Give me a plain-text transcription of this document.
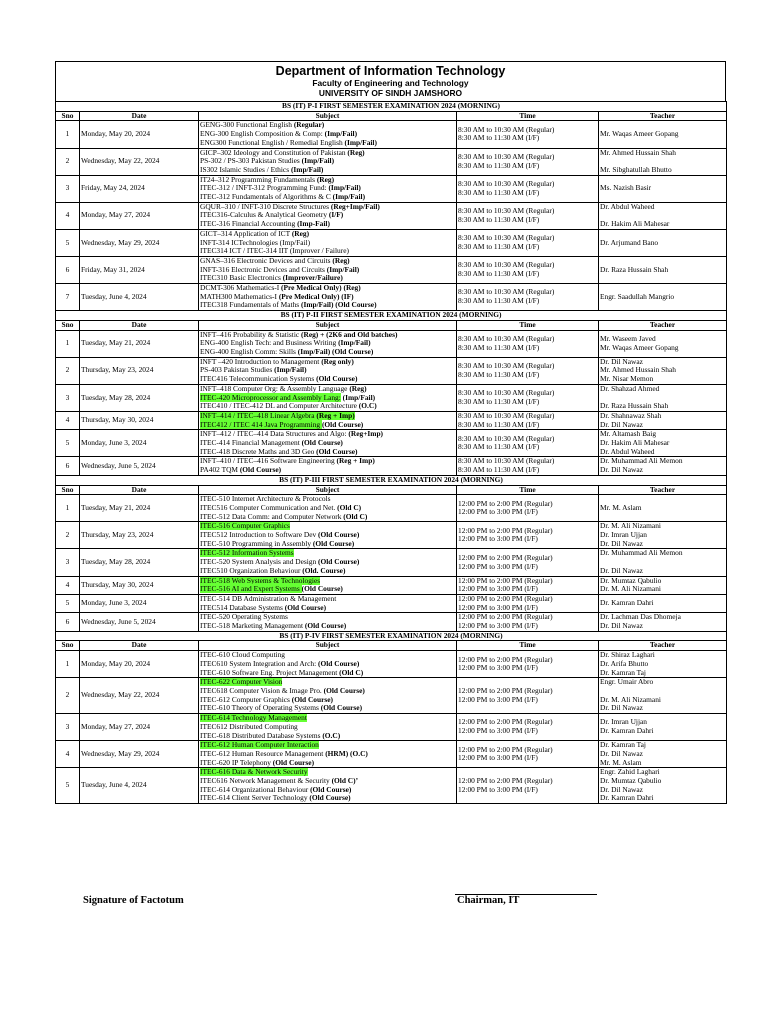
Department of Information Technology
Faculty of Engineering and Technology
UNIVERSITY OF SINDH JAMSHORO
BS (IT) P-I FIRST SEMESTER EXAMINATION 2024 (MORNING)				
Sno	Date	Subject	Time	Teacher
1	Monday, May 20, 2024	GENG-300 Functional English (Regular)
ENG-300 English Composition & Comp: (Imp/Fail)
ENG300 Functional English / Remedial English (Imp/Fail)	8:30 AM to 10:30 AM (Regular)
8:30 AM to 11:30 AM (I/F)	Mr. Waqas Ameer Gopang

2	Wednesday, May 22, 2024	GICP–302 Ideology and Constitution of Pakistan (Reg)
PS-302 / PS-303 Pakistan Studies (Imp/Fail)
IS302 Islamic Studies / Ethics (Imp/Fail)	8:30 AM to 10:30 AM (Regular)
8:30 AM to 11:30 AM (I/F)	Mr. Ahmed Hussain Shah
Mr. Sibghatullah Bhutto

3	Friday, May 24, 2024	IT24–312 Programming Fundamentals (Reg)
ITEC-312 / INFT-312 Programming Fund: (Imp/Fail)
ITEC-312 Fundamentals of Algorithms & C (Imp/Fail)	8:30 AM to 10:30 AM (Regular)
8:30 AM to 11:30 AM (I/F)	Ms. Nazish Basir

4	Monday, May 27, 2024	GQUR–310 / INFT-310 Discrete Structures (Reg+Imp/Fail)
ITEC316-Calculus & Analytical Geometry (I/F)
ITEC-316 Financial Accounting (Imp-Fail)	8:30 AM to 10:30 AM (Regular)
8:30 AM to 11:30 AM (I/F)	Dr. Abdul Waheed
Dr. Hakim Ali Mahesar

5	Wednesday, May 29, 2024	GICT–314 Application of ICT (Reg)
INFT-314 ICTechnologies (Imp/Fail)
ITEC314 ICT / ITEC-314 IIT (Improver / Failure)	8:30 AM to 10:30 AM (Regular)
8:30 AM to 11:30 AM (I/F)	Dr. Arjumand Bano

6	Friday, May 31, 2024	GNAS–316 Electronic Devices and Circuits (Reg)
INFT-316 Electronic Devices and Circuits (Imp/Fail)
ITEC310 Basic Electronics (Improver/Failure)	8:30 AM to 10:30 AM (Regular)
8:30 AM to 11:30 AM (I/F)	Dr. Raza Hussain Shah

7	Tuesday, June 4, 2024	DCMT-306 Mathematics-I (Pre Medical Only) (Reg)
MATH300 Mathematics-I (Pre Medical Only) (IF)
ITEC318 Fundamentals of Maths (Imp/Fail) (Old Course)	8:30 AM to 10:30 AM (Regular)
8:30 AM to 11:30 AM (I/F)	Engr. Saadullah Mangrio

BS (IT) P-II FIRST SEMESTER EXAMINATION 2024 (MORNING)				
Sno	Date	Subject	Time	Teacher
1	Tuesday, May 21, 2024	INFT–416 Probability & Statistic (Reg) + (2K6 and Old batches)
ENG-400 English Tech: and Business Writing (Imp/Fail)
ENG-400 English Comm: Skills (Imp/Fail) (Old Course)	8:30 AM to 10:30 AM (Regular)
8:30 AM to 11:30 AM (I/F)	Mr. Waseem Javed
Mr. Waqas Ameer Gopang

2	Thursday, May 23, 2024	INFT –420 Introduction to Management (Reg only)
PS-403 Pakistan Studies (Imp/Fail)
ITEC416 Telecommunication Systems (Old Course)	8:30 AM to 10:30 AM (Regular)
8:30 AM to 11:30 AM (I/F)	Dr. Dil Nawaz
Mr. Ahmed Hussain Shah
Mr. Nisar Memon

3	Tuesday, May 28, 2024	INFT–418 Computer Org: & Assembly Language (Reg)
ITEC-420 Microprocessor and Assembly Lang: (Imp/Fail)
ITEC410 / ITEC-412 DL and Computer Architecture (O.C)	8:30 AM to 10:30 AM (Regular)
8:30 AM to 11:30 AM (I/F)	Dr. Shahzad Ahmed
Dr. Raza Hussain Shah

4	Thursday, May 30, 2024	INFT–414 / ITEC–418 Linear Algebra (Reg + Imp)
ITEC412 / ITEC 414 Java Programming (Old Course)	8:30 AM to 10:30 AM (Regular)
8:30 AM to 11:30 AM (I/F)	Dr. Shahnawaz Shah
Dr. Dil Nawaz

5	Monday, June 3, 2024	INFT–412 / ITEC–414 Data Structures and Algo: (Reg+Imp)
ITEC-414 Financial Management (Old Course)
ITEC-418 Discrete Maths and 3D Geo (Old Course)	8:30 AM to 10:30 AM (Regular)
8:30 AM to 11:30 AM (I/F)	Mr. Altamash Baig
Dr. Hakim Ali Mahesar
Dr. Abdul Waheed

6	Wednesday, June 5, 2024	INFT–410 / ITEC–416 Software Engineering (Reg + Imp)
PA402 TQM (Old Course)	8:30 AM to 10:30 AM (Regular)
8:30 AM to 11:30 AM (I/F)	Dr. Muhammad Ali Memon
Dr. Dil Nawaz

BS (IT) P-III FIRST SEMESTER EXAMINATION 2024 (MORNING)				
Sno	Date	Subject	Time	Teacher
1	Tuesday, May 21, 2024	ITEC-510 Internet Architecture & Protocols
ITEC516 Computer Communication and Net. (Old C)
ITEC-512 Data Comm: and Computer Network (Old C)	12:00 PM to 2:00 PM (Regular)
12:00 PM to 3:00 PM (I/F)	Mr. M. Aslam

2	Thursday, May 23, 2024	ITEC-516 Computer Graphics
ITEC512 Introduction to Software Dev (Old Course)
ITEC-510 Programming in Assembly (Old Course)	12:00 PM to 2:00 PM (Regular)
12:00 PM to 3:00 PM (I/F)	Dr. M. Ali Nizamani
Dr. Imran Ujjan
Dr. Dil Nawaz

3	Tuesday, May 28, 2024	ITEC-512 Information Systems
ITEC-520 System Analysis and Design (Old Course)
ITEC510 Organization Behaviour (Old. Course)	12:00 PM to 2:00 PM (Regular)
12:00 PM to 3:00 PM (I/F)	Dr. Muhammad Ali Memon
Dr. Dil Nawaz

4	Thursday, May 30, 2024	ITEC-518 Web Systems & Technologies
ITEC-516 AI and Expert Systems (Old Course)	12:00 PM to 2:00 PM (Regular)
12:00 PM to 3:00 PM (I/F)	Dr. Mumtaz Qabulio
Dr. M. Ali Nizamani

5	Monday, June 3, 2024	ITEC-514 DB Administration & Management
ITEC514 Database Systems (Old Course)	12:00 PM to 2:00 PM (Regular)
12:00 PM to 3:00 PM (I/F)	Dr. Kamran Dahri

6	Wednesday, June 5, 2024	ITEC-520 Operating Systems
ITEC-518 Marketing Management (Old Course)	12:00 PM to 2:00 PM (Regular)
12:00 PM to 3:00 PM (I/F)	Dr. Lachman Das Dhomeja
Dr. Dil Nawaz

BS (IT) P-IV FIRST SEMESTER EXAMINATION 2024 (MORNING)				
Sno	Date	Subject	Time	Teacher
1	Monday, May 20, 2024	ITEC-610 Cloud Computing
ITEC610 System Integration and Arch: (Old Course)
ITEC-610 Software Eng. Project Management (Old C)	12:00 PM to 2:00 PM (Regular)
12:00 PM to 3:00 PM (I/F)	Dr. Shiraz Laghari
Dr. Arifa Bhutto
Dr. Kamran Taj

2	Wednesday, May 22, 2024	ITEC-622 Computer Vision
ITEC618 Computer Vision & Image Pro. (Old Course)
ITEC-612 Computer Graphics (Old Course)
ITEC-610 Theory of Operating Systems (Old Course)	12:00 PM to 2:00 PM (Regular)
12:00 PM to 3:00 PM (I/F)	Engr. Umair Abro
Dr. M. Ali Nizamani
Dr. Dil Nawaz

3	Monday, May 27, 2024	ITEC-614 Technology Management
ITEC612 Distributed Computing
ITEC-618 Distributed Database Systems (O.C)	12:00 PM to 2:00 PM (Regular)
12:00 PM to 3:00 PM (I/F)	Dr. Imran Ujjan
Dr. Kamran Dahri

4	Wednesday, May 29, 2024	ITEC-612 Human Computer Interaction
ITEC-612 Human Resource Management (HRM) (O.C)
ITEC-620 IP Telephony (Old Course)	12:00 PM to 2:00 PM (Regular)
12:00 PM to 3:00 PM (I/F)	Dr. Kamran Taj
Dr. Dil Nawaz
Mr. M. Aslam

5	Tuesday, June 4, 2024	ITEC-616 Data & Network Security
ITEC616 Network Management & Security (Old C)’
ITEC-614 Organizational Behaviour (Old Course)
ITEC-614 Client Server Technology (Old Course)	12:00 PM to 2:00 PM (Regular)
12:00 PM to 3:00 PM (I/F)	Engr. Zahid Laghari
Dr. Mumtaz Qabulio
Dr. Dil Nawaz
Dr. Kamran Dahri
Signature of Factotum	Chairman, IT
